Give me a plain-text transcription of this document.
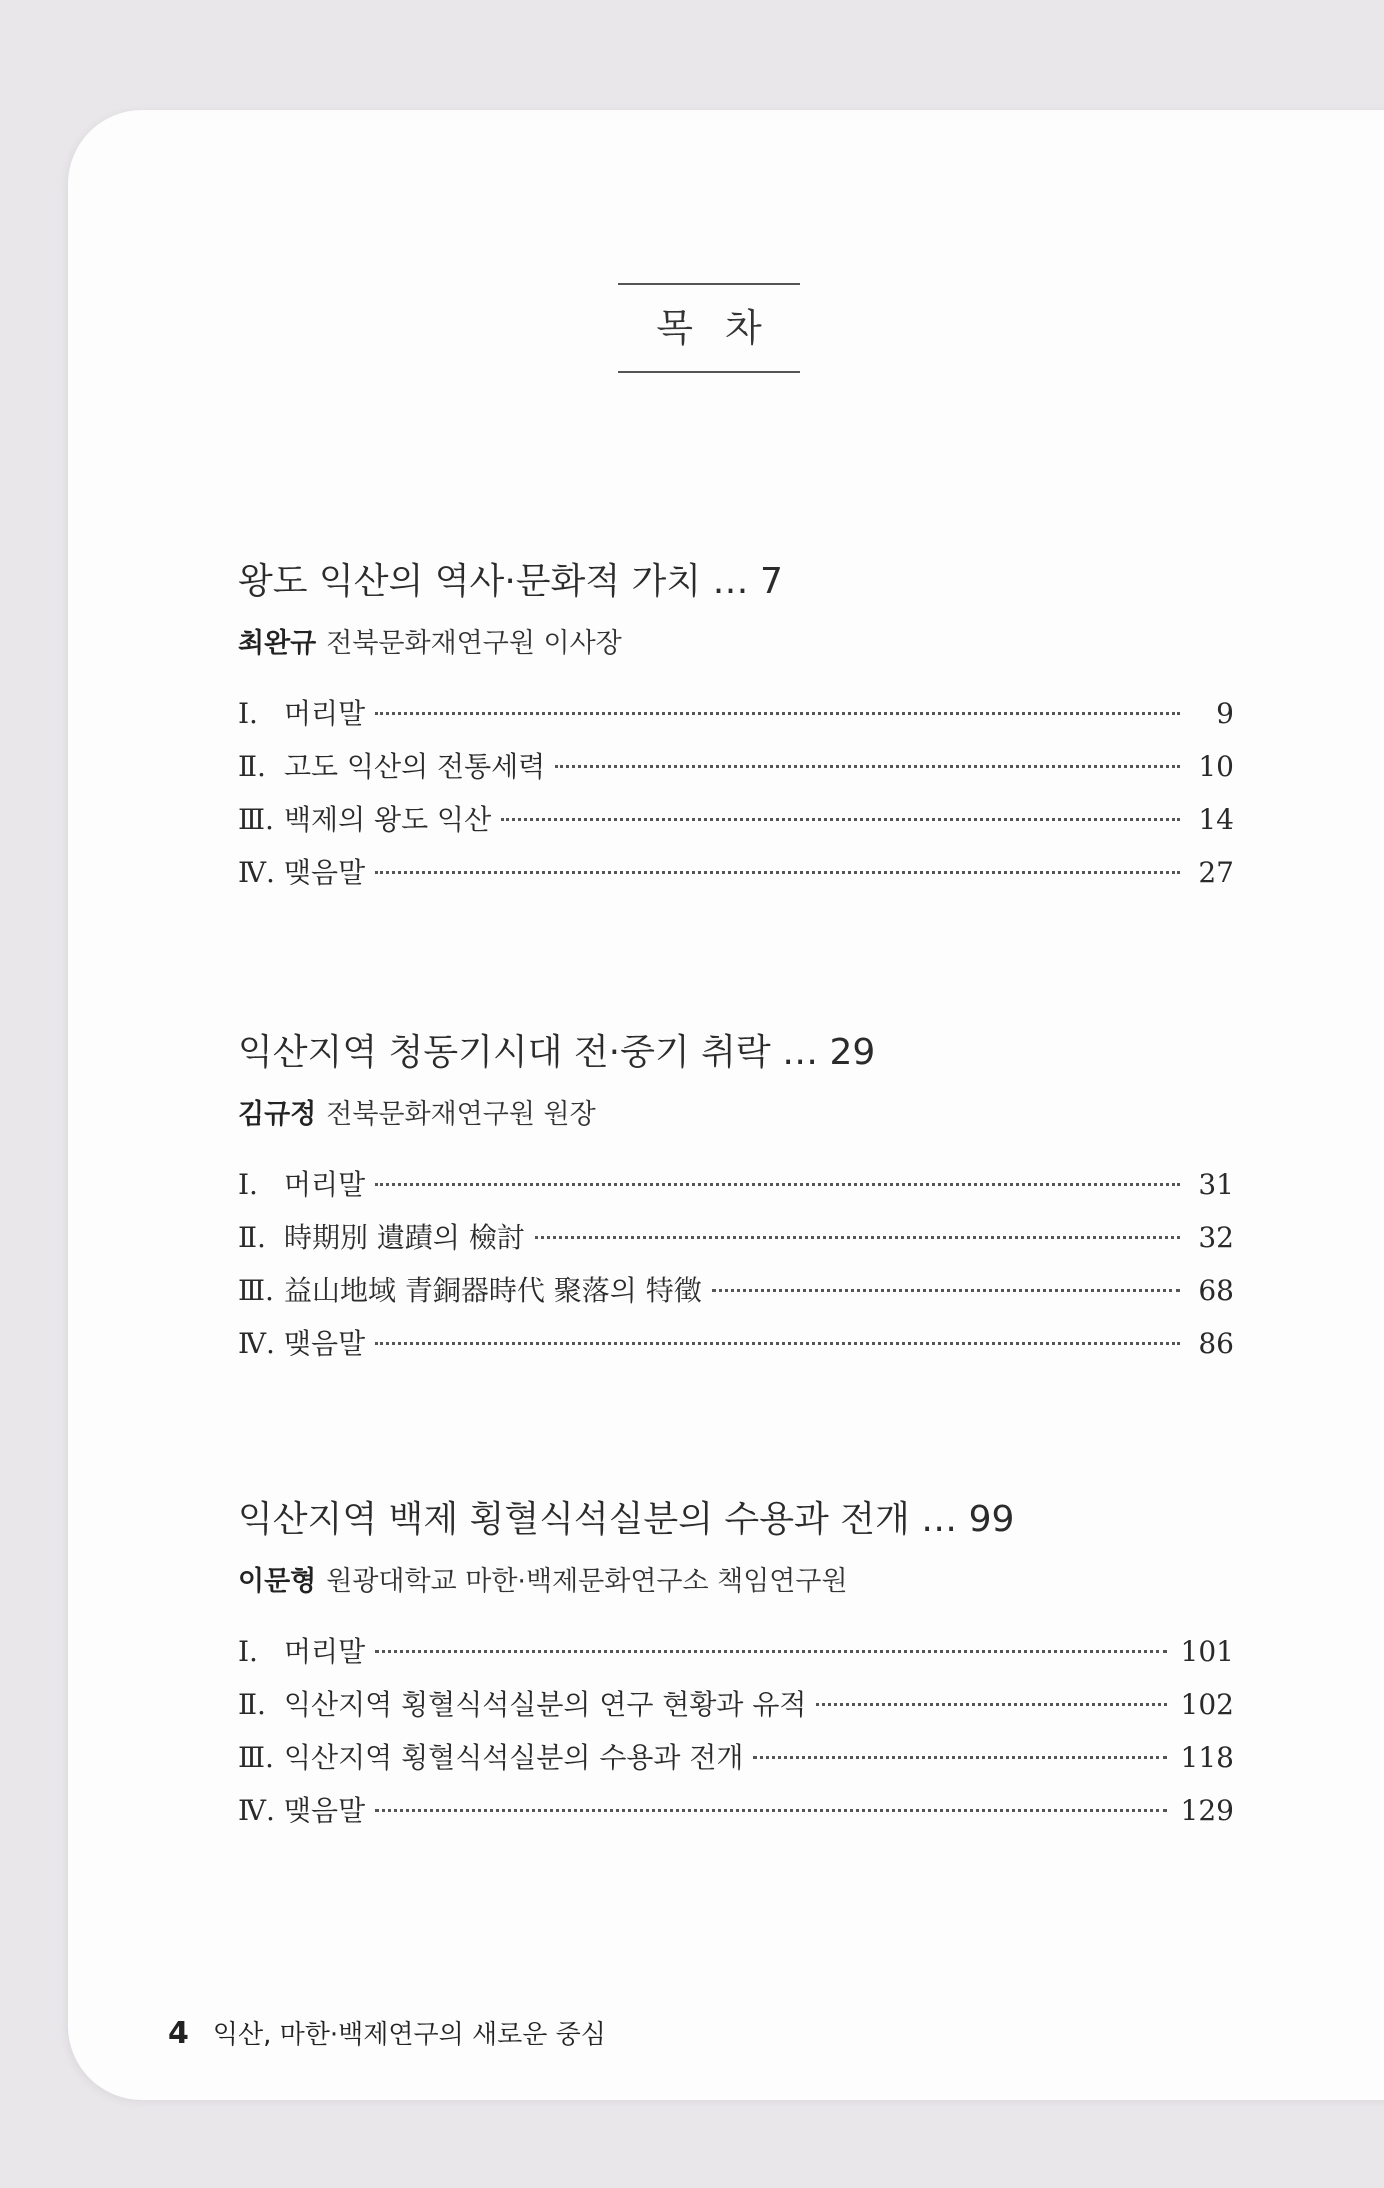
목 차
왕도 익산의 역사·문화적 가치 … 7
최완규 전북문화재연구원 이사장
Ⅰ. 머리말	9
Ⅱ. 고도 익산의 전통세력	10
Ⅲ. 백제의 왕도 익산	14
Ⅳ. 맺음말	27
익산지역 청동기시대 전·중기 취락 … 29
김규정 전북문화재연구원 원장
Ⅰ. 머리말	31
Ⅱ. 時期別 遺蹟의 檢討	32
Ⅲ. 益山地域 青銅器時代 聚落의 特徵	68
Ⅳ. 맺음말	86
익산지역 백제 횡혈식석실분의 수용과 전개 … 99
이문형 원광대학교 마한·백제문화연구소 책임연구원
Ⅰ. 머리말	101
Ⅱ. 익산지역 횡혈식석실분의 연구 현황과 유적	102
Ⅲ. 익산지역 횡혈식석실분의 수용과 전개	118
Ⅳ. 맺음말	129
4 익산, 마한·백제연구의 새로운 중심
